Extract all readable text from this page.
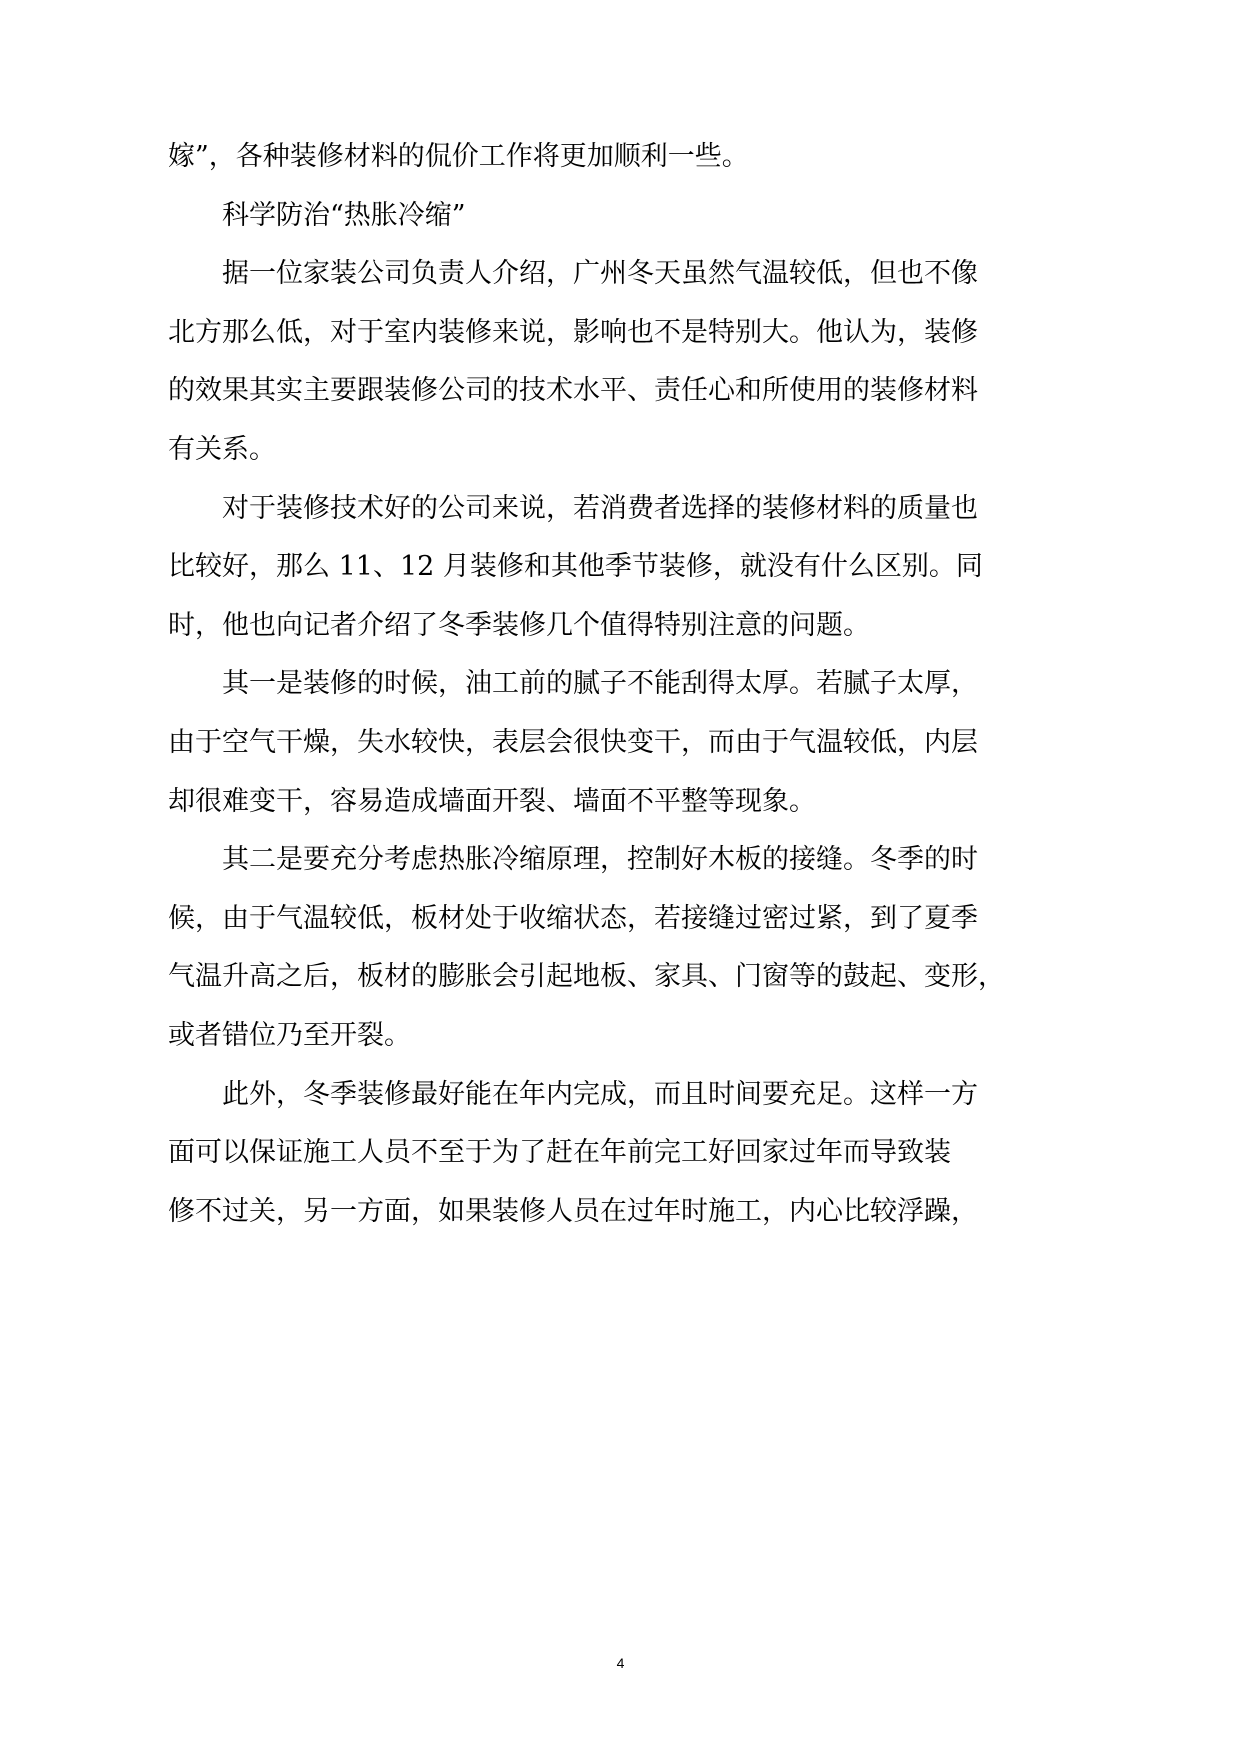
嫁”，各种装修材料的侃价工作将更加顺利一些。
科学防治“热胀冷缩”
据一位家装公司负责人介绍，广州冬天虽然气温较低，但也不像
北方那么低，对于室内装修来说，影响也不是特别大。他认为，装修
的效果其实主要跟装修公司的技术水平、责任心和所使用的装修材料
有关系。
对于装修技术好的公司来说，若消费者选择的装修材料的质量也
比较好，那么 11、12 月装修和其他季节装修，就没有什么区别。同
时，他也向记者介绍了冬季装修几个值得特别注意的问题。
其一是装修的时候，油工前的腻子不能刮得太厚。若腻子太厚，
由于空气干燥，失水较快，表层会很快变干，而由于气温较低，内层
却很难变干，容易造成墙面开裂、墙面不平整等现象。
其二是要充分考虑热胀冷缩原理，控制好木板的接缝。冬季的时
候，由于气温较低，板材处于收缩状态，若接缝过密过紧，到了夏季
气温升高之后，板材的膨胀会引起地板、家具、门窗等的鼓起、变形，
或者错位乃至开裂。
此外，冬季装修最好能在年内完成，而且时间要充足。这样一方
面可以保证施工人员不至于为了赶在年前完工好回家过年而导致装
修不过关，另一方面，如果装修人员在过年时施工，内心比较浮躁，
4
